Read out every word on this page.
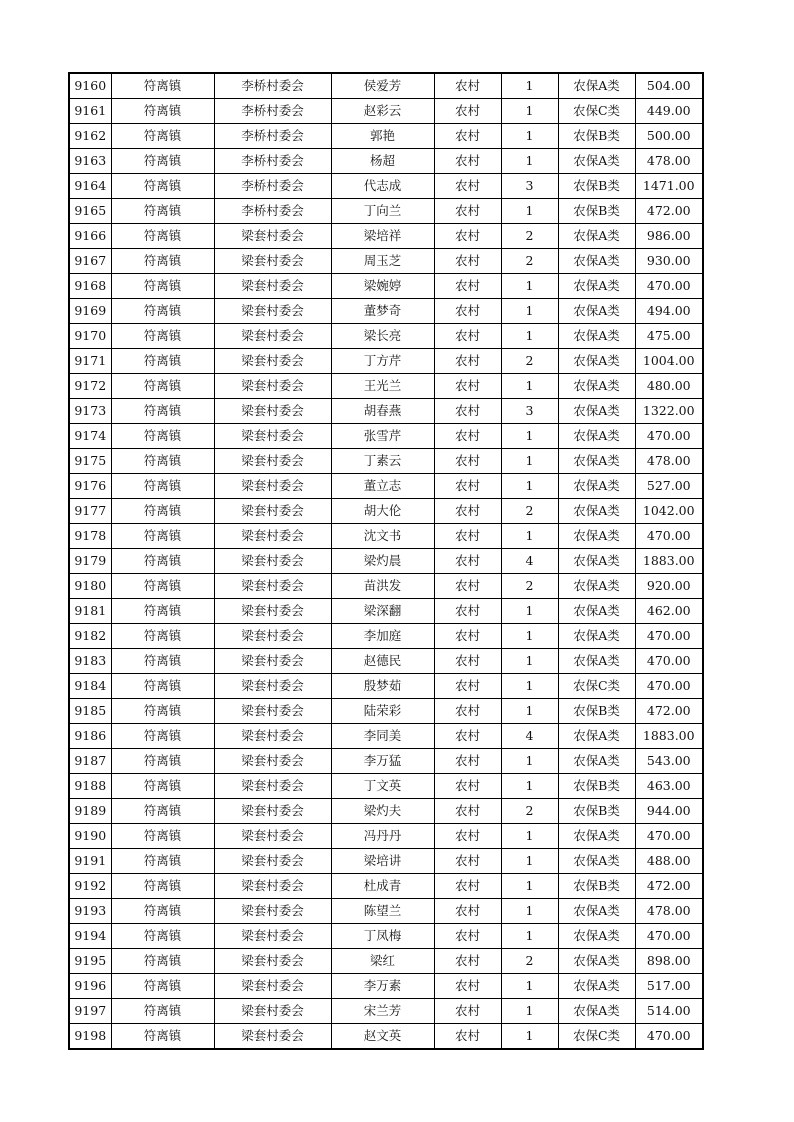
9160	符离镇	李桥村委会	侯爱芳	农村	1	农保A类	504.00
9161	符离镇	李桥村委会	赵彩云	农村	1	农保C类	449.00
9162	符离镇	李桥村委会	郭艳	农村	1	农保B类	500.00
9163	符离镇	李桥村委会	杨超	农村	1	农保A类	478.00
9164	符离镇	李桥村委会	代志成	农村	3	农保B类	1471.00
9165	符离镇	李桥村委会	丁向兰	农村	1	农保B类	472.00
9166	符离镇	梁套村委会	梁培祥	农村	2	农保A类	986.00
9167	符离镇	梁套村委会	周玉芝	农村	2	农保A类	930.00
9168	符离镇	梁套村委会	梁婉婷	农村	1	农保A类	470.00
9169	符离镇	梁套村委会	董梦奇	农村	1	农保A类	494.00
9170	符离镇	梁套村委会	梁长亮	农村	1	农保A类	475.00
9171	符离镇	梁套村委会	丁方芹	农村	2	农保A类	1004.00
9172	符离镇	梁套村委会	王光兰	农村	1	农保A类	480.00
9173	符离镇	梁套村委会	胡春燕	农村	3	农保A类	1322.00
9174	符离镇	梁套村委会	张雪芹	农村	1	农保A类	470.00
9175	符离镇	梁套村委会	丁素云	农村	1	农保A类	478.00
9176	符离镇	梁套村委会	董立志	农村	1	农保A类	527.00
9177	符离镇	梁套村委会	胡大伦	农村	2	农保A类	1042.00
9178	符离镇	梁套村委会	沈文书	农村	1	农保A类	470.00
9179	符离镇	梁套村委会	梁灼晨	农村	4	农保A类	1883.00
9180	符离镇	梁套村委会	苗洪发	农村	2	农保A类	920.00
9181	符离镇	梁套村委会	梁深翻	农村	1	农保A类	462.00
9182	符离镇	梁套村委会	李加庭	农村	1	农保A类	470.00
9183	符离镇	梁套村委会	赵德民	农村	1	农保A类	470.00
9184	符离镇	梁套村委会	殷梦茹	农村	1	农保C类	470.00
9185	符离镇	梁套村委会	陆荣彩	农村	1	农保B类	472.00
9186	符离镇	梁套村委会	李同美	农村	4	农保A类	1883.00
9187	符离镇	梁套村委会	李万猛	农村	1	农保A类	543.00
9188	符离镇	梁套村委会	丁文英	农村	1	农保B类	463.00
9189	符离镇	梁套村委会	梁灼夫	农村	2	农保B类	944.00
9190	符离镇	梁套村委会	冯丹丹	农村	1	农保A类	470.00
9191	符离镇	梁套村委会	梁培讲	农村	1	农保A类	488.00
9192	符离镇	梁套村委会	杜成青	农村	1	农保B类	472.00
9193	符离镇	梁套村委会	陈望兰	农村	1	农保A类	478.00
9194	符离镇	梁套村委会	丁凤梅	农村	1	农保A类	470.00
9195	符离镇	梁套村委会	梁红	农村	2	农保A类	898.00
9196	符离镇	梁套村委会	李万素	农村	1	农保A类	517.00
9197	符离镇	梁套村委会	宋兰芳	农村	1	农保A类	514.00
9198	符离镇	梁套村委会	赵文英	农村	1	农保C类	470.00
